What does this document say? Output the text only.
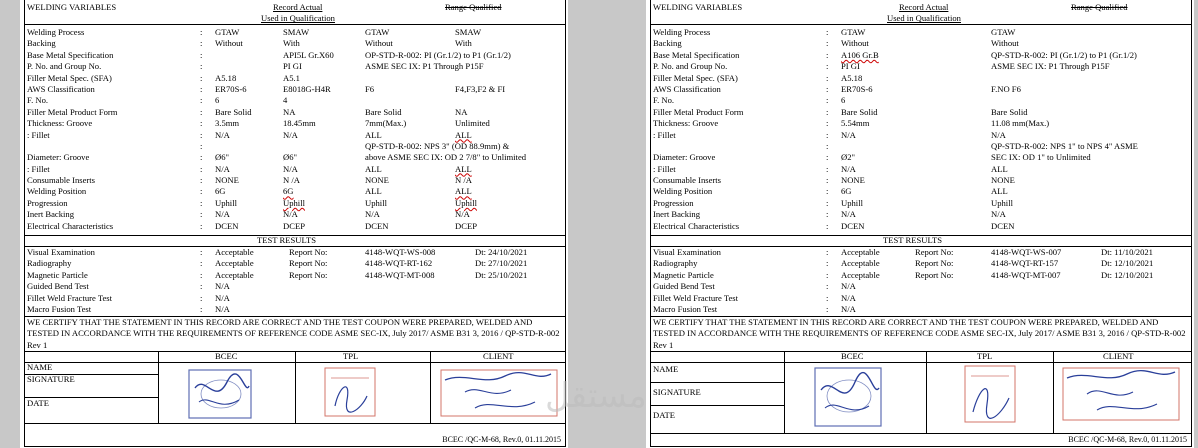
WELDING VARIABLES	Record Actual
Used in Qualification
Range Qualified
Welding Process	GTAW	SMAW	GTAW	SMAW
:
Backing	Without	With	Without	With
:
Base Metal Specification	API5L Gr.X60	OP-STD-R-002: PI (Gr.1/2) to P1 (Gr.1/2)
:
P. No. and Group No.	PI GI	ASME SEC IX: P1 Through P15F
:
Filler Metal Spec. (SFA)	A5.18	A5.1
:
AWS Classification	ER70S-6	E8018G-H4R	F6	F4,F3,F2 & FI
:
F. No.	6	4
:
Filler Metal Product Form	Bare Solid	NA	Bare Solid	NA
:
Thickness: Groove	3.5mm	18.45mm	7mm(Max.)	Unlimited
:
: Fillet	N/A	N/A	ALL	ALL
:
QP-STD-R-002: NPS 3" (OD 88.9mm) &
:
Diameter: Groove	Ø6"	Ø6"	above ASME SEC IX: OD 2 7/8" to Unlimited
:
: Fillet	N/A	N/A	ALL	ALL
:
Consumable Inserts	NONE	N /A	NONE	N /A
:
Welding Position	6G	6G	ALL	ALL
:
Progression	Uphill	Uphill	Uphill	Uphill
:
Inert Backing	N/A	N/A	N/A	N/A
:
Electrical Characteristics	DCEN	DCEP	DCEN	DCEP
:
TEST RESULTS
Visual Examination	Acceptable	Report No:	4148-WQT-WS-008	Dt: 24/10/2021
:
Radiography	Acceptable	Report No:	4148-WQT-RT-162	Dt: 27/10/2021
:
Magnetic Particle	Acceptable	Report No:	4148-WQT-MT-008	Dt: 25/10/2021
:
Guided Bend Test	N/A
:
Fillet Weld Fracture Test	N/A
:
Macro Fusion Test	N/A
:
WE CERTIFY THAT THE STATEMENT IN THIS RECORD ARE CORRECT AND THE TEST COUPON WERE PREPARED, WELDED AND TESTED IN ACCORDANCE WITH THE REQUIREMENTS OF REFERENCE CODE ASME SEC-IX, July 2017/ ASME B31 3, 2016 / QP-STD-R-002 Rev 1
BCEC	TPL	CLIENT
NAME
SIGNATURE
DATE
BCEC /QC-M-68, Rev.0, 01.11.2015
WELDING VARIABLES	Record Actual
Used in Qualification
Range Qualified
Welding Process	GTAW	GTAW
:
Backing	Without	Without
:
Base Metal Specification	A106 Gr.B	QP-STD-R-002: PI (Gr.1/2) to P1 (Gr.1/2)
:
P. No. and Group No.	PI GI	ASME SEC IX: P1 Through P15F
:
Filler Metal Spec. (SFA)	A5.18
:
AWS Classification	ER70S-6	F.NO F6
:
F. No.	6
:
Filler Metal Product Form	Bare Solid	Bare Solid
:
Thickness: Groove	5.54mm	11.08 mm(Max.)
:
: Fillet	N/A	N/A
:
QP-STD-R-002: NPS 1" to NPS 4" ASME
:
Diameter: Groove	Ø2"	SEC IX: OD 1" to Unlimited
:
: Fillet	N/A	ALL
:
Consumable Inserts	NONE	NONE
:
Welding Position	6G	ALL
:
Progression	Uphill	Uphill
:
Inert Backing	N/A	N/A
:
Electrical Characteristics	DCEN	DCEN
:
TEST RESULTS
Visual Examination	Acceptable	Report No:	4148-WQT-WS-007	Dt: 11/10/2021
:
Radiography	Acceptable	Report No:	4148-WQT-RT-157	Dt: 12/10/2021
:
Magnetic Particle	Acceptable	Report No:	4148-WQT-MT-007	Dt: 12/10/2021
:
Guided Bend Test	N/A
:
Fillet Weld Fracture Test	N/A
:
Macro Fusion Test	N/A
:
WE CERTIFY THAT THE STATEMENT IN THIS RECORD ARE CORRECT AND THE TEST COUPON WERE PREPARED, WELDED AND TESTED IN ACCORDANCE WITH THE REQUIREMENTS OF REFERENCE CODE ASME SEC-IX, July 2017/ ASME B31 3, 2016 / QP-STD-R-002 Rev 1
BCEC	TPL	CLIENT
NAME
SIGNATURE
DATE
BCEC /QC-M-68, Rev.0, 01.11.2015
مستقل
